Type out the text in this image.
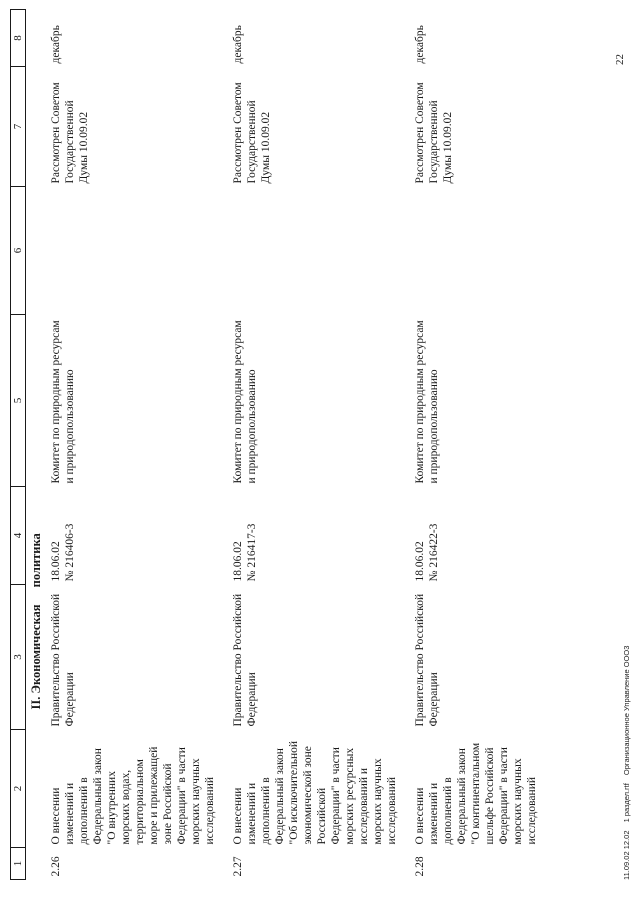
1	2	3	4	5	6	7	8
II. Экономическая политика							
2.26	О внесении изменений и дополнений в Федеральный закон "О внутренних морских водах, территориальном море и прилежащей зоне Российской Федерации" в части морских научных исследований	Правительство Российской Федерации	18.06.02 № 216406-3	Комитет по природным ресурсам и природопользованию		Рассмотрен Советом Государственной Думы 10.09.02	декабрь
2.27	О внесении изменений и дополнений в Федеральный закон "Об исключительной экономической зоне Российской Федерации" в части морских ресурсных исследований и морских научных исследований	Правительство Российской Федерации	18.06.02 № 216417-3	Комитет по природным ресурсам и природопользованию		Рассмотрен Советом Государственной Думы 10.09.02	декабрь
2.28	О внесении изменений и дополнений в Федеральный закон "О континентальном шельфе Российской Федерации" в части морских научных исследований	Правительство Российской Федерации	18.06.02 № 216422-3	Комитет по природным ресурсам и природопользованию		Рассмотрен Советом Государственной Думы 10.09.02	декабрь
11.09.02 12.02 1 раздел.rtf Организационное Управление ООО3
22
